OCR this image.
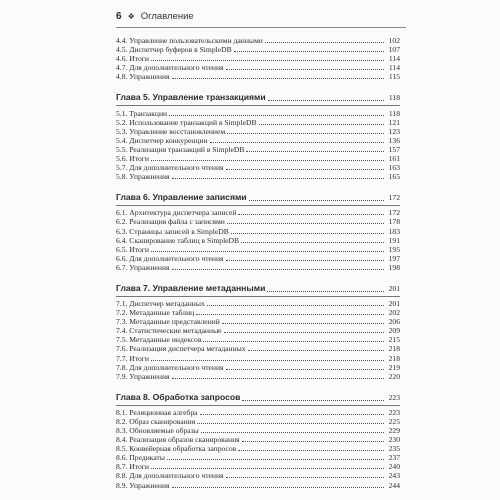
6 ❖ Оглавление
4.4. Управление пользовательскими данными	102
4.5. Диспетчер буферов в SimpleDB	107
4.6. Итоги	114
4.7. Для дополнительного чтения	114
4.8. Упражнения	115
Глава 5. Управление транзакциями	118
5.1. Транзакции	118
5.2. Использование транзакций в SimpleDB	121
5.3. Управление восстановлением	123
5.4. Диспетчер конкуренции	136
5.5. Реализация транзакций в SimpleDB	157
5.6. Итоги	161
5.7. Для дополнительного чтения	163
5.8. Упражнения	165
Глава 6. Управление записями	172
6.1. Архитектура диспетчера записей	172
6.2. Реализация файла с записями	178
6.3. Страницы записей в SimpleDB	183
6.4. Сканирование таблиц в SimpleDB	191
6.5. Итоги	195
6.6. Для дополнительного чтения	197
6.7. Упражнения	198
Глава 7. Управление метаданными	201
7.1. Диспетчер метаданных	201
7.2. Метаданные таблиц	202
7.3. Метаданные представлений	206
7.4. Статистические метаданные	209
7.5. Метаданные индексов	215
7.6. Реализация диспетчера метаданных	218
7.7. Итоги	218
7.8. Для дополнительного чтения	219
7.9. Упражнения	220
Глава 8. Обработка запросов	223
8.1. Реляционная алгебра	223
8.2. Образ сканирования	225
8.3. Обновляемые образы	229
8.4. Реализация образов сканирования	230
8.5. Конвейерная обработка запросов	235
8.6. Предикаты	237
8.7. Итоги	240
8.8. Для дополнительного чтения	243
8.9. Упражнения	244
